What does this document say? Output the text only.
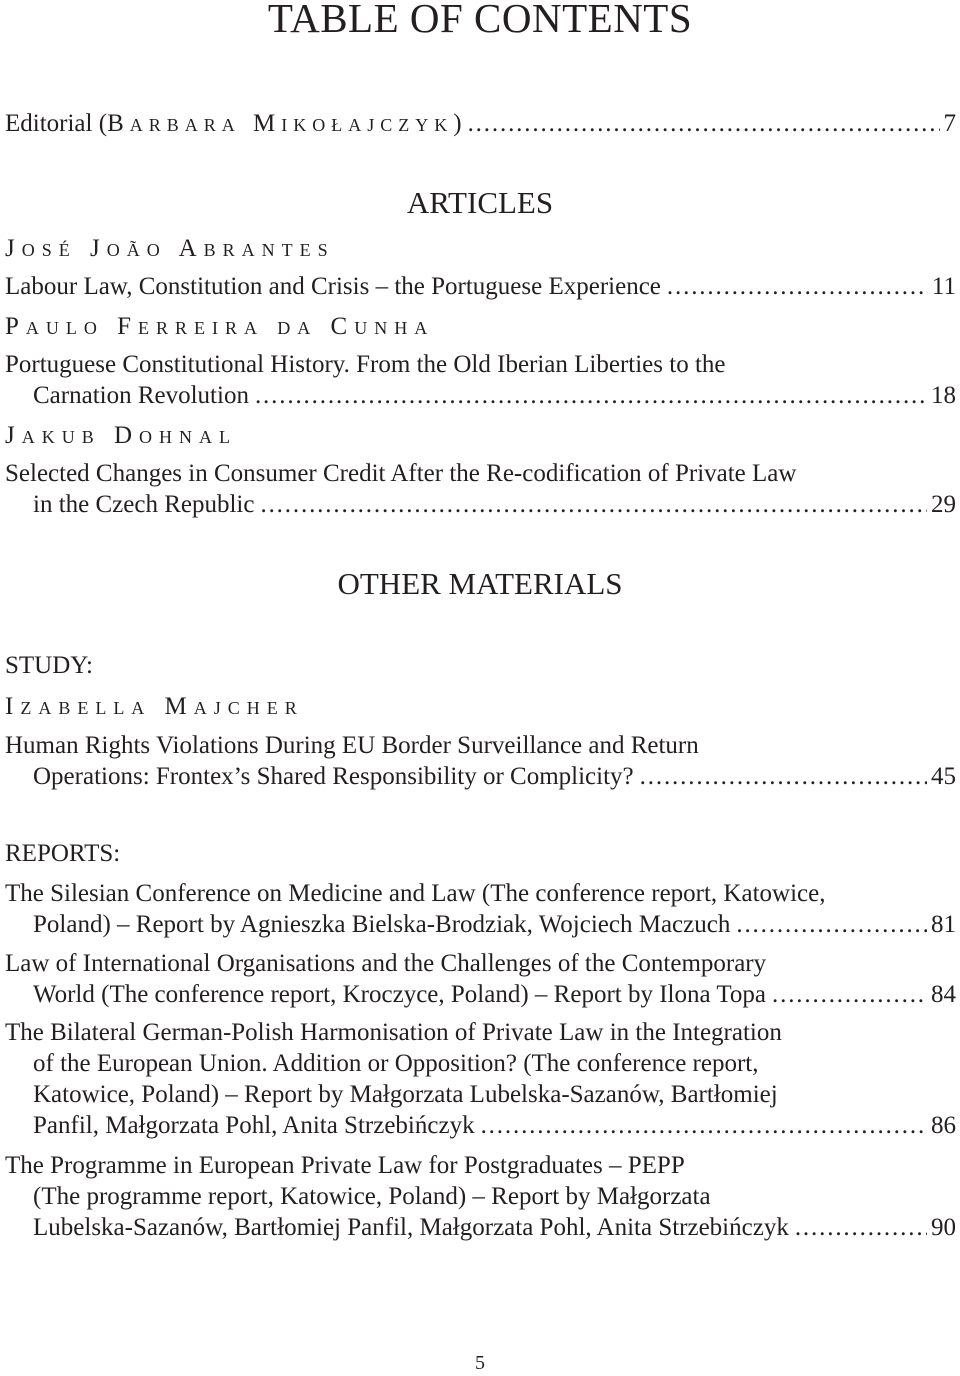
TABLE OF CONTENTS
Editorial (Barbara Mikołajczyk) . . .	7
ARTICLES
José João Abrantes
Labour Law, Constitution and Crisis – the Portuguese Experience . . .	11
Paulo Ferreira da Cunha
Portuguese Constitutional History. From the Old Iberian Liberties to the
Carnation Revolution . . .	18
Jakub Dohnal
Selected Changes in Consumer Credit After the Re-codification of Private Law
in the Czech Republic . . .	29
OTHER MATERIALS
STUDY:
Izabella Majcher
Human Rights Violations During EU Border Surveillance and Return
Operations: Frontex’s Shared Responsibility or Complicity? . . .	45
REPORTS:
The Silesian Conference on Medicine and Law (The conference report, Katowice,
Poland) – Report by Agnieszka Bielska-Brodziak, Wojciech Maczuch . . .	81
Law of International Organisations and the Challenges of the Contemporary
World (The conference report, Kroczyce, Poland) – Report by Ilona Topa . . .	84
The Bilateral German-Polish Harmonisation of Private Law in the Integration
of the European Union. Addition or Opposition? (The conference report,
Katowice, Poland) – Report by Małgorzata Lubelska-Sazanów, Bartłomiej
Panfil, Małgorzata Pohl, Anita Strzebińczyk . . .	86
The Programme in European Private Law for Postgraduates – PEPP
(The programme report, Katowice, Poland) – Report by Małgorzata
Lubelska-Sazanów, Bartłomiej Panfil, Małgorzata Pohl, Anita Strzebińczyk . . .	90
5
